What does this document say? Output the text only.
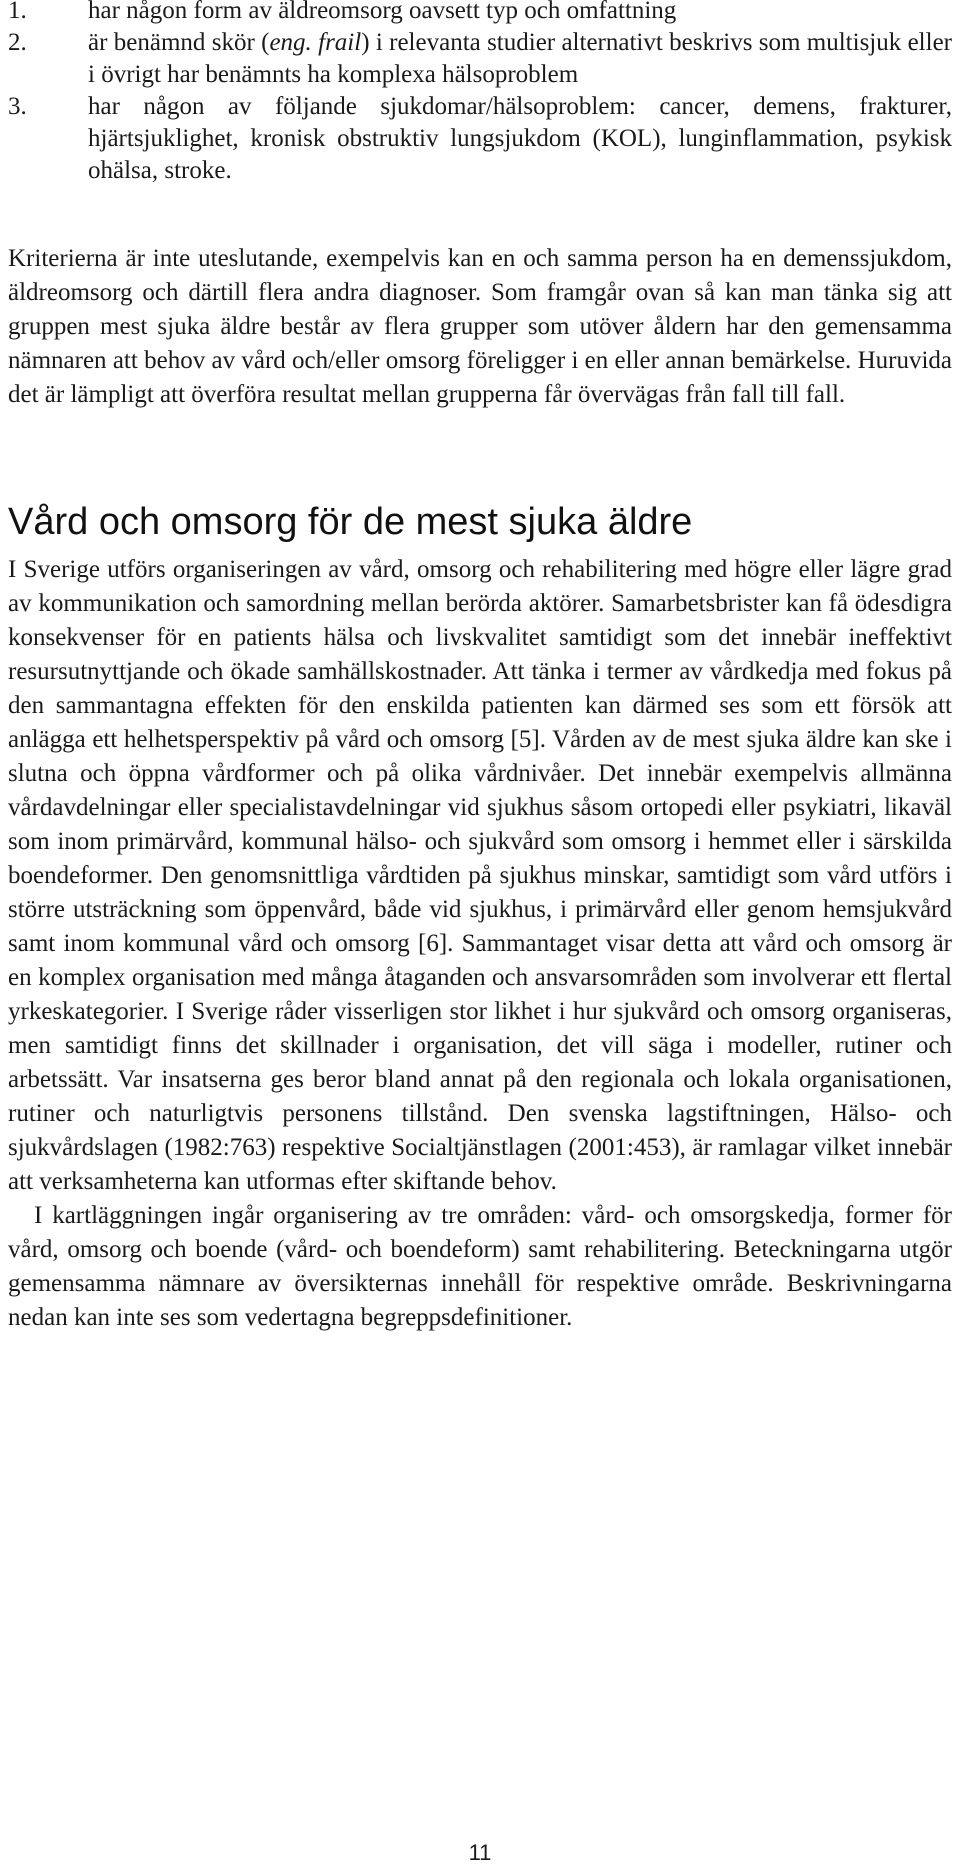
1.	har någon form av äldreomsorg oavsett typ och omfattning
2.	är benämnd skör (eng. frail) i relevanta studier alternativt beskrivs som multisjuk eller i övrigt har benämnts ha komplexa hälsoproblem
3.	har någon av följande sjukdomar/hälsoproblem: cancer, demens, frakturer, hjärtsjuklighet, kronisk obstruktiv lungsjukdom (KOL), lunginflammation, psykisk ohälsa, stroke.

Kriterierna är inte uteslutande, exempelvis kan en och samma person ha en demenssjukdom, äldreomsorg och därtill flera andra diagnoser. Som framgår ovan så kan man tänka sig att gruppen mest sjuka äldre består av flera grupper som utöver åldern har den gemensamma nämnaren att behov av vård och/eller omsorg föreligger i en eller annan bemärkelse. Huruvida det är lämpligt att överföra resultat mellan grupperna får övervägas från fall till fall.

Vård och omsorg för de mest sjuka äldre

I Sverige utförs organiseringen av vård, omsorg och rehabilitering med högre eller lägre grad av kommunikation och samordning mellan berörda aktörer. Samarbetsbrister kan få ödesdigra konsekvenser för en patients hälsa och livskvalitet samtidigt som det innebär ineffektivt resursutnyttjande och ökade samhällskostnader. Att tänka i termer av vårdkedja med fokus på den sammantagna effekten för den enskilda patienten kan därmed ses som ett försök att anlägga ett helhetsperspektiv på vård och omsorg [5]. Vården av de mest sjuka äldre kan ske i slutna och öppna vårdformer och på olika vårdnivåer. Det innebär exempelvis allmänna vårdavdelningar eller specialistavdelningar vid sjukhus såsom ortopedi eller psykiatri, likaväl som inom primärvård, kommunal hälso- och sjukvård som omsorg i hemmet eller i särskilda boendeformer. Den genomsnittliga vårdtiden på sjukhus minskar, samtidigt som vård utförs i större utsträckning som öppenvård, både vid sjukhus, i primärvård eller genom hemsjukvård samt inom kommunal vård och omsorg [6]. Sammantaget visar detta att vård och omsorg är en komplex organisation med många åtaganden och ansvarsområden som involverar ett flertal yrkeskategorier. I Sverige råder visserligen stor likhet i hur sjukvård och omsorg organiseras, men samtidigt finns det skillnader i organisation, det vill säga i modeller, rutiner och arbetssätt. Var insatserna ges beror bland annat på den regionala och lokala organisationen, rutiner och naturligtvis personens tillstånd. Den svenska lagstiftningen, Hälso- och sjukvårdslagen (1982:763) respektive Socialtjänstlagen (2001:453), är ramlagar vilket innebär att verksamheterna kan utformas efter skiftande behov.

I kartläggningen ingår organisering av tre områden: vård- och omsorgskedja, former för vård, omsorg och boende (vård- och boendeform) samt rehabilitering. Beteckningarna utgör gemensamma nämnare av översikternas innehåll för respektive område. Beskrivningarna nedan kan inte ses som vedertagna begreppsdefinitioner.

11
